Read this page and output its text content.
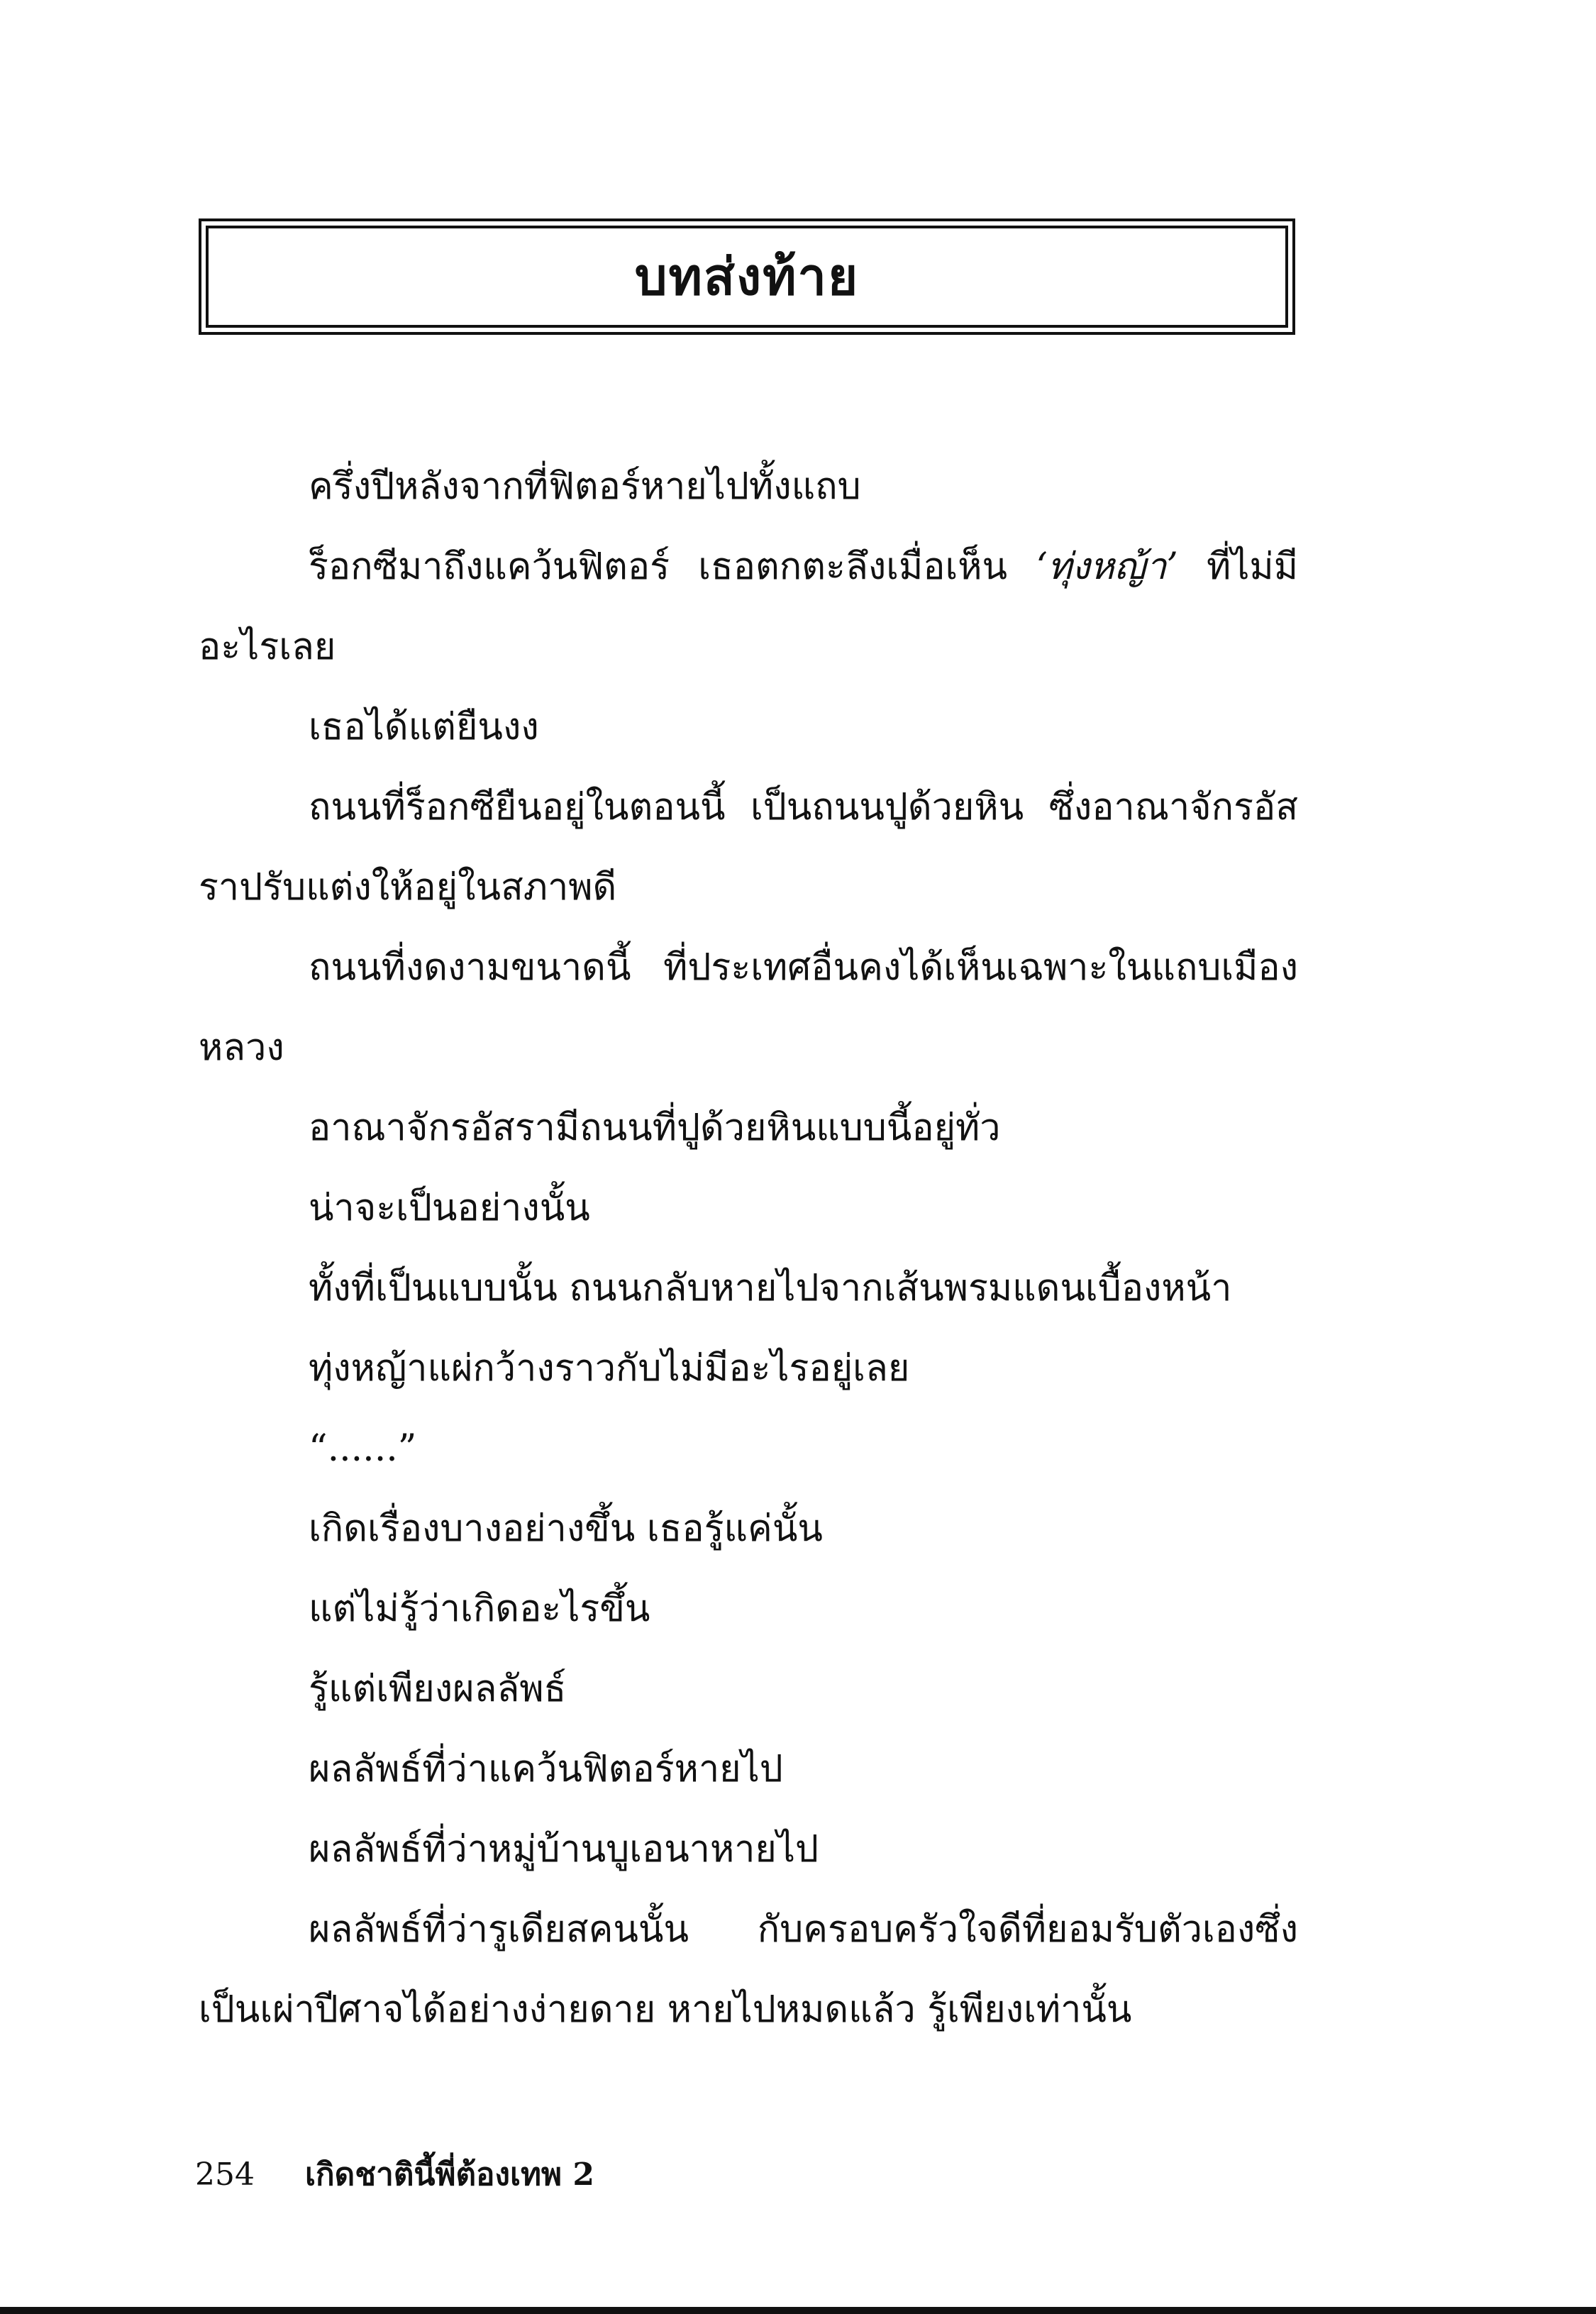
บทส่งท้าย

ครึ่งปีหลังจากที่ฟิตอร์หายไปทั้งแถบ

ร็อกซีมาถึงแคว้นฟิตอร์ เธอตกตะลึงเมื่อเห็น ‘ทุ่งหญ้า’ ที่ไม่มีอะไรเลย

เธอได้แต่ยืนงง

ถนนที่ร็อกซียืนอยู่ในตอนนี้ เป็นถนนปูด้วยหิน ซึ่งอาณาจักรอัสราปรับแต่งให้อยู่ในสภาพดี

ถนนที่งดงามขนาดนี้ ที่ประเทศอื่นคงได้เห็นเฉพาะในแถบเมืองหลวง

อาณาจักรอัสรามีถนนที่ปูด้วยหินแบบนี้อยู่ทั่ว

น่าจะเป็นอย่างนั้น

ทั้งที่เป็นแบบนั้น ถนนกลับหายไปจากเส้นพรมแดนเบื้องหน้า

ทุ่งหญ้าแผ่กว้างราวกับไม่มีอะไรอยู่เลย

“......”

เกิดเรื่องบางอย่างขึ้น เธอรู้แค่นั้น

แต่ไม่รู้ว่าเกิดอะไรขึ้น

รู้แต่เพียงผลลัพธ์

ผลลัพธ์ที่ว่าแคว้นฟิตอร์หายไป

ผลลัพธ์ที่ว่าหมู่บ้านบูเอนาหายไป

ผลลัพธ์ที่ว่ารูเดียสคนนั้น กับครอบครัวใจดีที่ยอมรับตัวเองซึ่งเป็นเผ่าปีศาจได้อย่างง่ายดาย หายไปหมดแล้ว รู้เพียงเท่านั้น

254	เกิดชาตินี้พี่ต้องเทพ 2
